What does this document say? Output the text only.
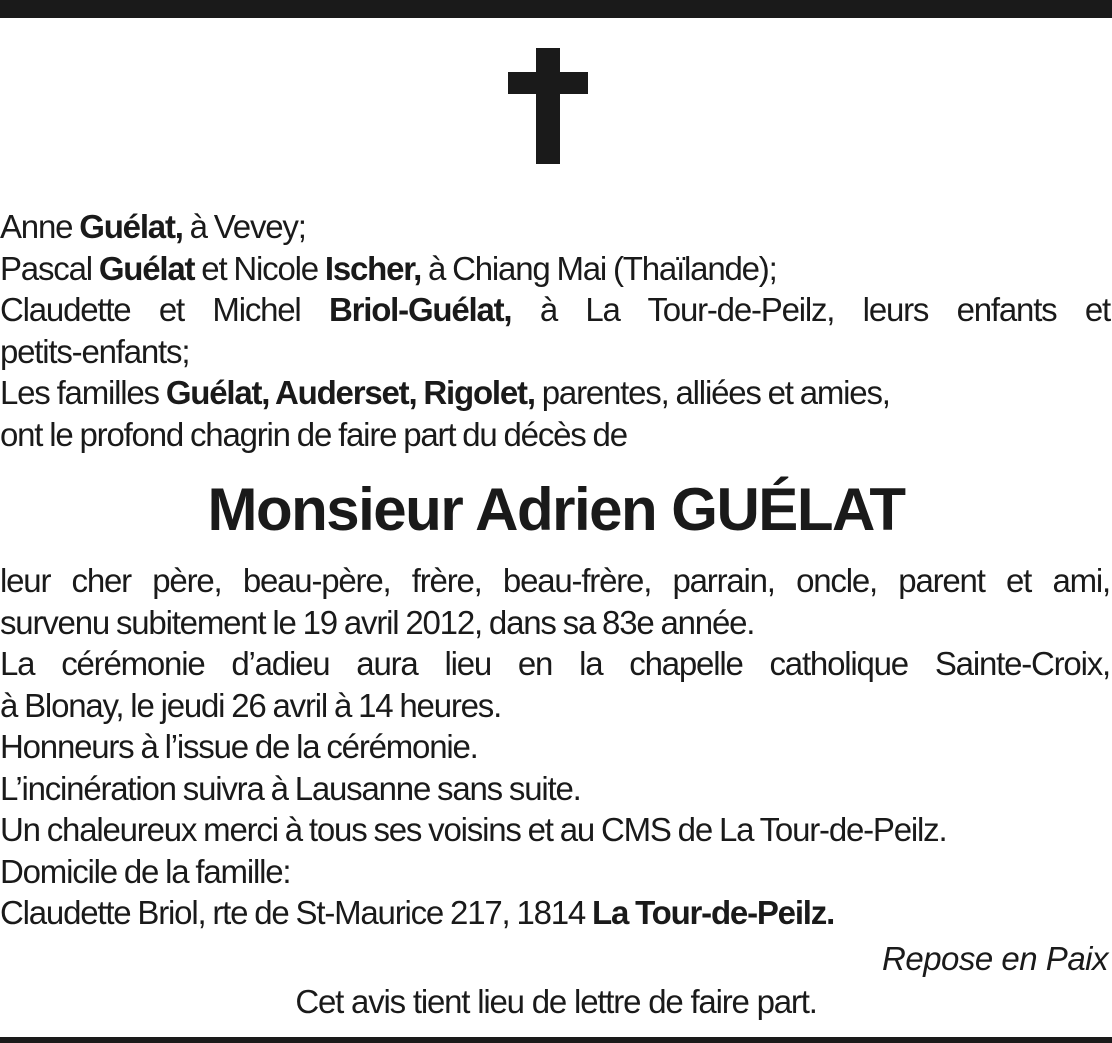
Anne Guélat, à Vevey;
Pascal Guélat et Nicole Ischer, à Chiang Mai (Thaïlande);
Claudette et Michel Briol-Guélat, à La Tour-de-Peilz, leurs enfants et
petits-enfants;
Les familles Guélat, Auderset, Rigolet, parentes, alliées et amies,
ont le profond chagrin de faire part du décès de
Monsieur Adrien GUÉLAT
leur cher père, beau-père, frère, beau-frère, parrain, oncle, parent et ami,
survenu subitement le 19 avril 2012, dans sa 83e année.
La cérémonie d’adieu aura lieu en la chapelle catholique Sainte-Croix,
à Blonay, le jeudi 26 avril à 14 heures.
Honneurs à l’issue de la cérémonie.
L’incinération suivra à Lausanne sans suite.
Un chaleureux merci à tous ses voisins et au CMS de La Tour-de-Peilz.
Domicile de la famille:
Claudette Briol, rte de St-Maurice 217, 1814 La Tour-de-Peilz.
Repose en Paix
Cet avis tient lieu de lettre de faire part.
